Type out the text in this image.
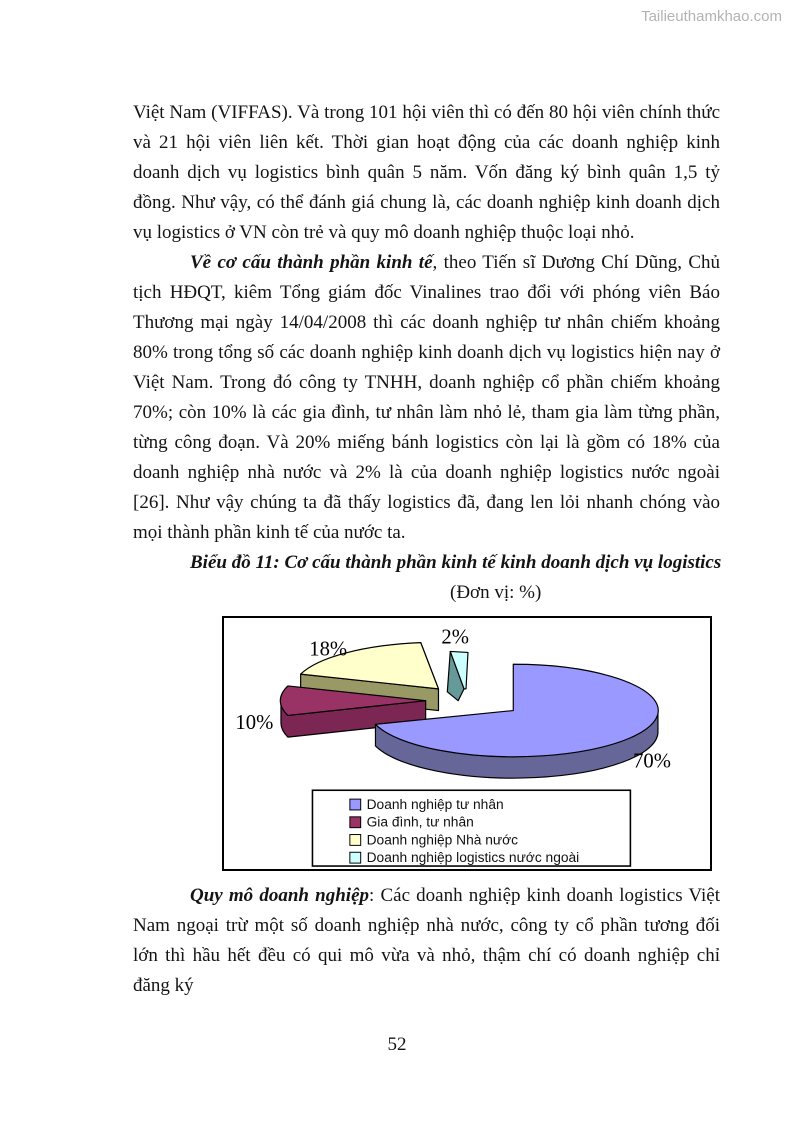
Tailieuthamkhao.com

Việt Nam (VIFFAS). Và trong 101 hội viên thì có đến 80 hội viên chính thức và 21 hội viên liên kết. Thời gian hoạt động của các doanh nghiệp kinh doanh dịch vụ logistics bình quân 5 năm. Vốn đăng ký bình quân 1,5 tỷ đồng. Như vậy, có thể đánh giá chung là, các doanh nghiệp kinh doanh dịch vụ logistics ở VN còn trẻ và quy mô doanh nghiệp thuộc loại nhỏ.

Về cơ cấu thành phần kinh tế, theo Tiến sĩ Dương Chí Dũng, Chủ tịch HĐQT, kiêm Tổng giám đốc Vinalines trao đổi với phóng viên Báo Thương mại ngày 14/04/2008 thì các doanh nghiệp tư nhân chiếm khoảng 80% trong tổng số các doanh nghiệp kinh doanh dịch vụ logistics hiện nay ở Việt Nam. Trong đó công ty TNHH, doanh nghiệp cổ phần chiếm khoảng 70%; còn 10% là các gia đình, tư nhân làm nhỏ lẻ, tham gia làm từng phần, từng công đoạn. Và 20% miếng bánh logistics còn lại là gồm có 18% của doanh nghiệp nhà nước và 2% là của doanh nghiệp logistics nước ngoài [26]. Như vậy chúng ta đã thấy logistics đã, đang len lỏi nhanh chóng vào mọi thành phần kinh tế của nước ta.

Biểu đồ 11: Cơ cấu thành phần kinh tế kinh doanh dịch vụ logistics
(Đơn vị: %)
70%
10%
18%
2%
Doanh nghiệp tư nhân
Gia đình, tư nhân
Doanh nghiệp Nhà nước
Doanh nghiệp logistics nước ngoài

Quy mô doanh nghiệp: Các doanh nghiệp kinh doanh logistics Việt Nam ngoại trừ một số doanh nghiệp nhà nước, công ty cổ phần tương đối lớn thì hầu hết đều có qui mô vừa và nhỏ, thậm chí có doanh nghiệp chỉ đăng ký

52
